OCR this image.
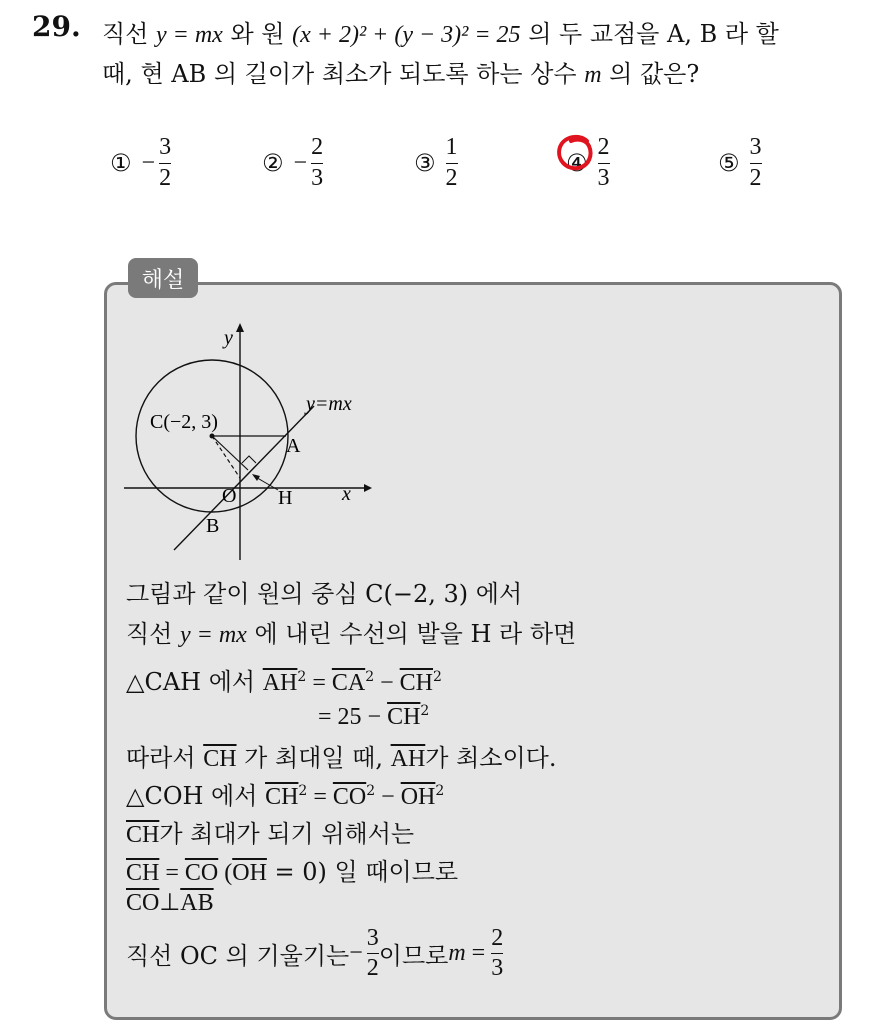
29. 직선 y = mx 와 원 (x + 2)² + (y − 3)² = 25 의 두 교점을 A, B 라 할
때, 현 AB 의 길이가 최소가 되도록 하는 상수 m 의 값은?
① − $\frac{3}{2}$	② − $\frac{2}{3}$	③ $\frac{1}{2}$	④ $\frac{2}{3}$	⑤ $\frac{3}{2}$
해설
y
x
y=mx
C(−2, 3)
A
B
O H
그림과 같이 원의 중심 C(−2, 3) 에서
직선 y = mx 에 내린 수선의 발을 H 라 하면
△CAH 에서 $\overline{AH}^2 = \overline{CA}^2 - \overline{CH}^2$
= $25 - \overline{CH}^2$
따라서 $\overline{CH}$ 가 최대일 때, $\overline{AH}$가 최소이다.
△COH 에서 $\overline{CH}^2 = \overline{CO}^2 - \overline{OH}^2$
$\overline{CH}$가 최대가 되기 위해서는
$\overline{CH} = \overline{CO}$ $(\overline{OH} = 0)$ 일 때이므로
$\overline{CO}\perp\overline{AB}$
직선 OC 의 기울기는 − $\frac{3}{2}$ 이므로 $m = \frac{2}{3}$
